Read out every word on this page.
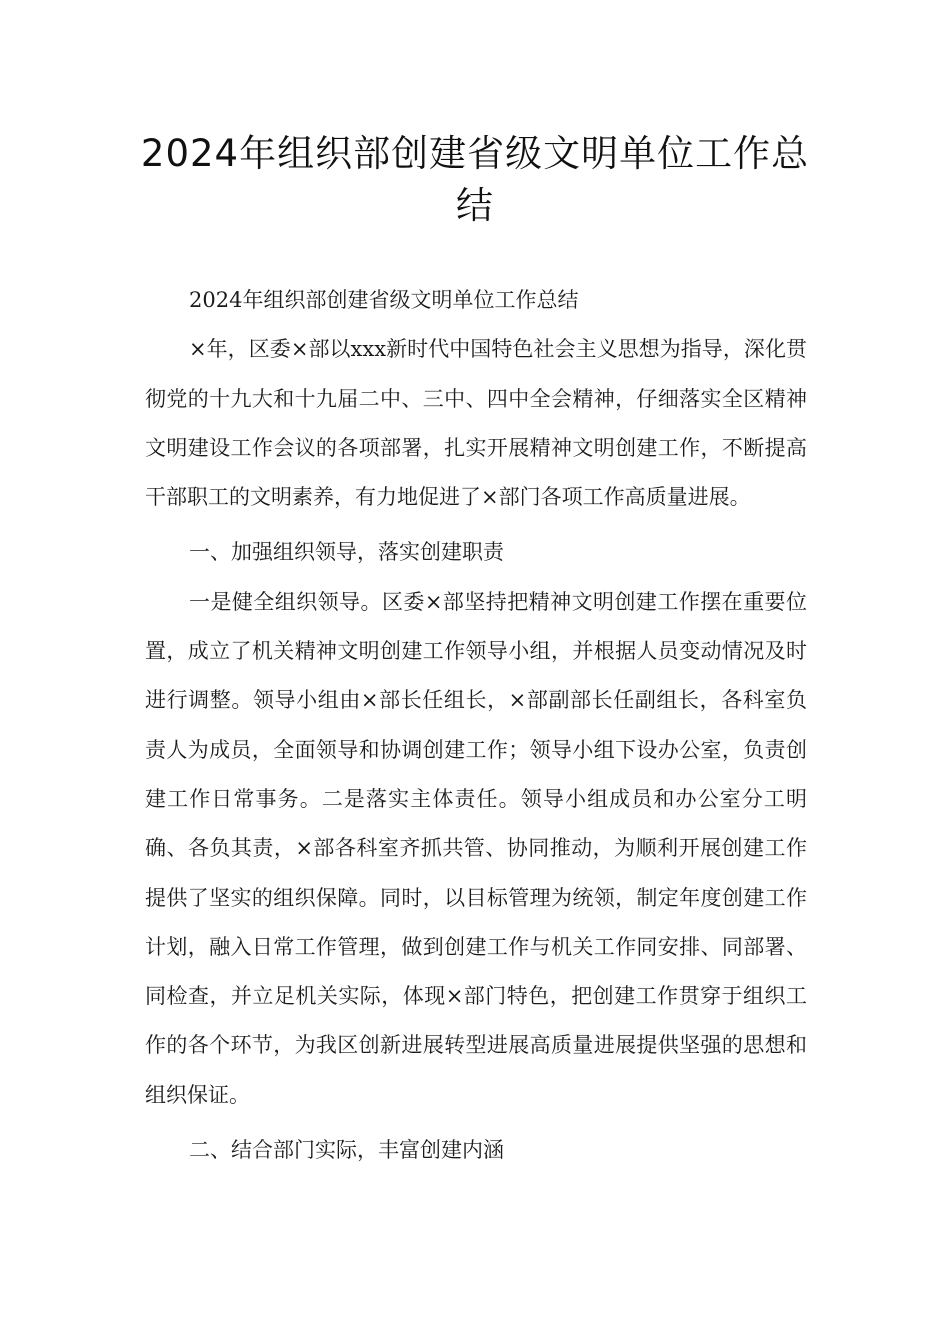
2024年组织部创建省级文明单位工作总结

2024年组织部创建省级文明单位工作总结

×年，区委×部以xxx新时代中国特色社会主义思想为指导，深化贯彻党的十九大和十九届二中、三中、四中全会精神，仔细落实全区精神文明建设工作会议的各项部署，扎实开展精神文明创建工作，不断提高干部职工的文明素养，有力地促进了×部门各项工作高质量进展。

一、加强组织领导，落实创建职责

一是健全组织领导。区委×部坚持把精神文明创建工作摆在重要位置，成立了机关精神文明创建工作领导小组，并根据人员变动情况及时进行调整。领导小组由×部长任组长，×部副部长任副组长，各科室负责人为成员，全面领导和协调创建工作；领导小组下设办公室，负责创建工作日常事务。二是落实主体责任。领导小组成员和办公室分工明确、各负其责，×部各科室齐抓共管、协同推动，为顺利开展创建工作提供了坚实的组织保障。同时，以目标管理为统领，制定年度创建工作计划，融入日常工作管理，做到创建工作与机关工作同安排、同部署、同检查，并立足机关实际，体现×部门特色，把创建工作贯穿于组织工作的各个环节，为我区创新进展转型进展高质量进展提供坚强的思想和组织保证。

二、结合部门实际，丰富创建内涵
